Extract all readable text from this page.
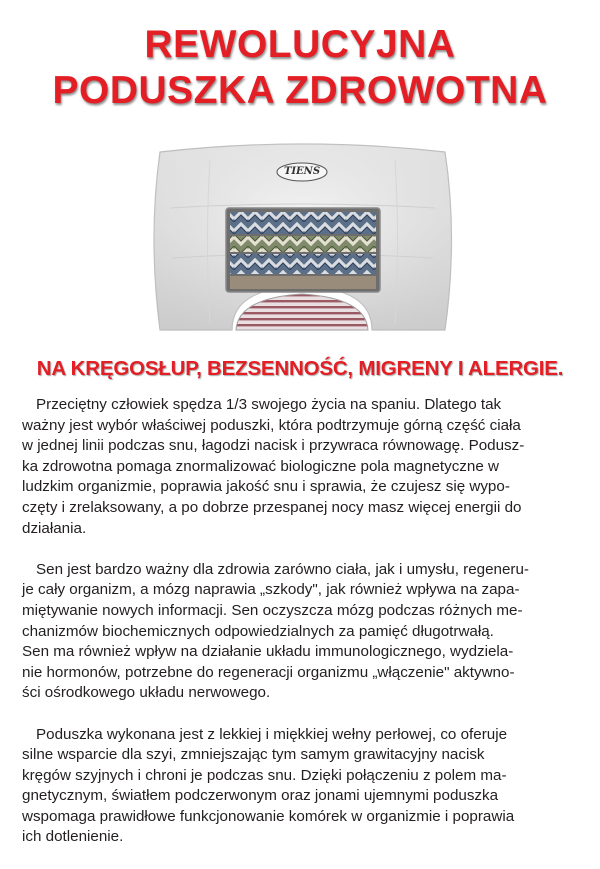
REWOLUCYJNA
PODUSZKA ZDROWOTNA
TIENS
NA KRĘGOSŁUP, BEZSENNOŚĆ, MIGRENY I ALERGIE.

Przeciętny człowiek spędza 1/3 swojego życia na spaniu. Dlatego tak
ważny jest wybór właściwej poduszki, która podtrzymuje górną część ciała
w jednej linii podczas snu, łagodzi nacisk i przywraca równowagę. Podusz-
ka zdrowotna pomaga znormalizować biologiczne pola magnetyczne w
ludzkim organizmie, poprawia jakość snu i sprawia, że czujesz się wypo-
częty i zrelaksowany, a po dobrze przespanej nocy masz więcej energii do
działania.

Sen jest bardzo ważny dla zdrowia zarówno ciała, jak i umysłu, regeneru-
je cały organizm, a mózg naprawia „szkody", jak również wpływa na zapa-
miętywanie nowych informacji. Sen oczyszcza mózg podczas różnych me-
chanizmów biochemicznych odpowiedzialnych za pamięć długotrwałą.
Sen ma również wpływ na działanie układu immunologicznego, wydziela-
nie hormonów, potrzebne do regeneracji organizmu „włączenie" aktywno-
ści ośrodkowego układu nerwowego.

Poduszka wykonana jest z lekkiej i miękkiej wełny perłowej, co oferuje
silne wsparcie dla szyi, zmniejszając tym samym grawitacyjny nacisk
kręgów szyjnych i chroni je podczas snu. Dzięki połączeniu z polem ma-
gnetycznym, światłem podczerwonym oraz jonami ujemnymi poduszka
wspomaga prawidłowe funkcjonowanie komórek w organizmie i poprawia
ich dotlenienie.
